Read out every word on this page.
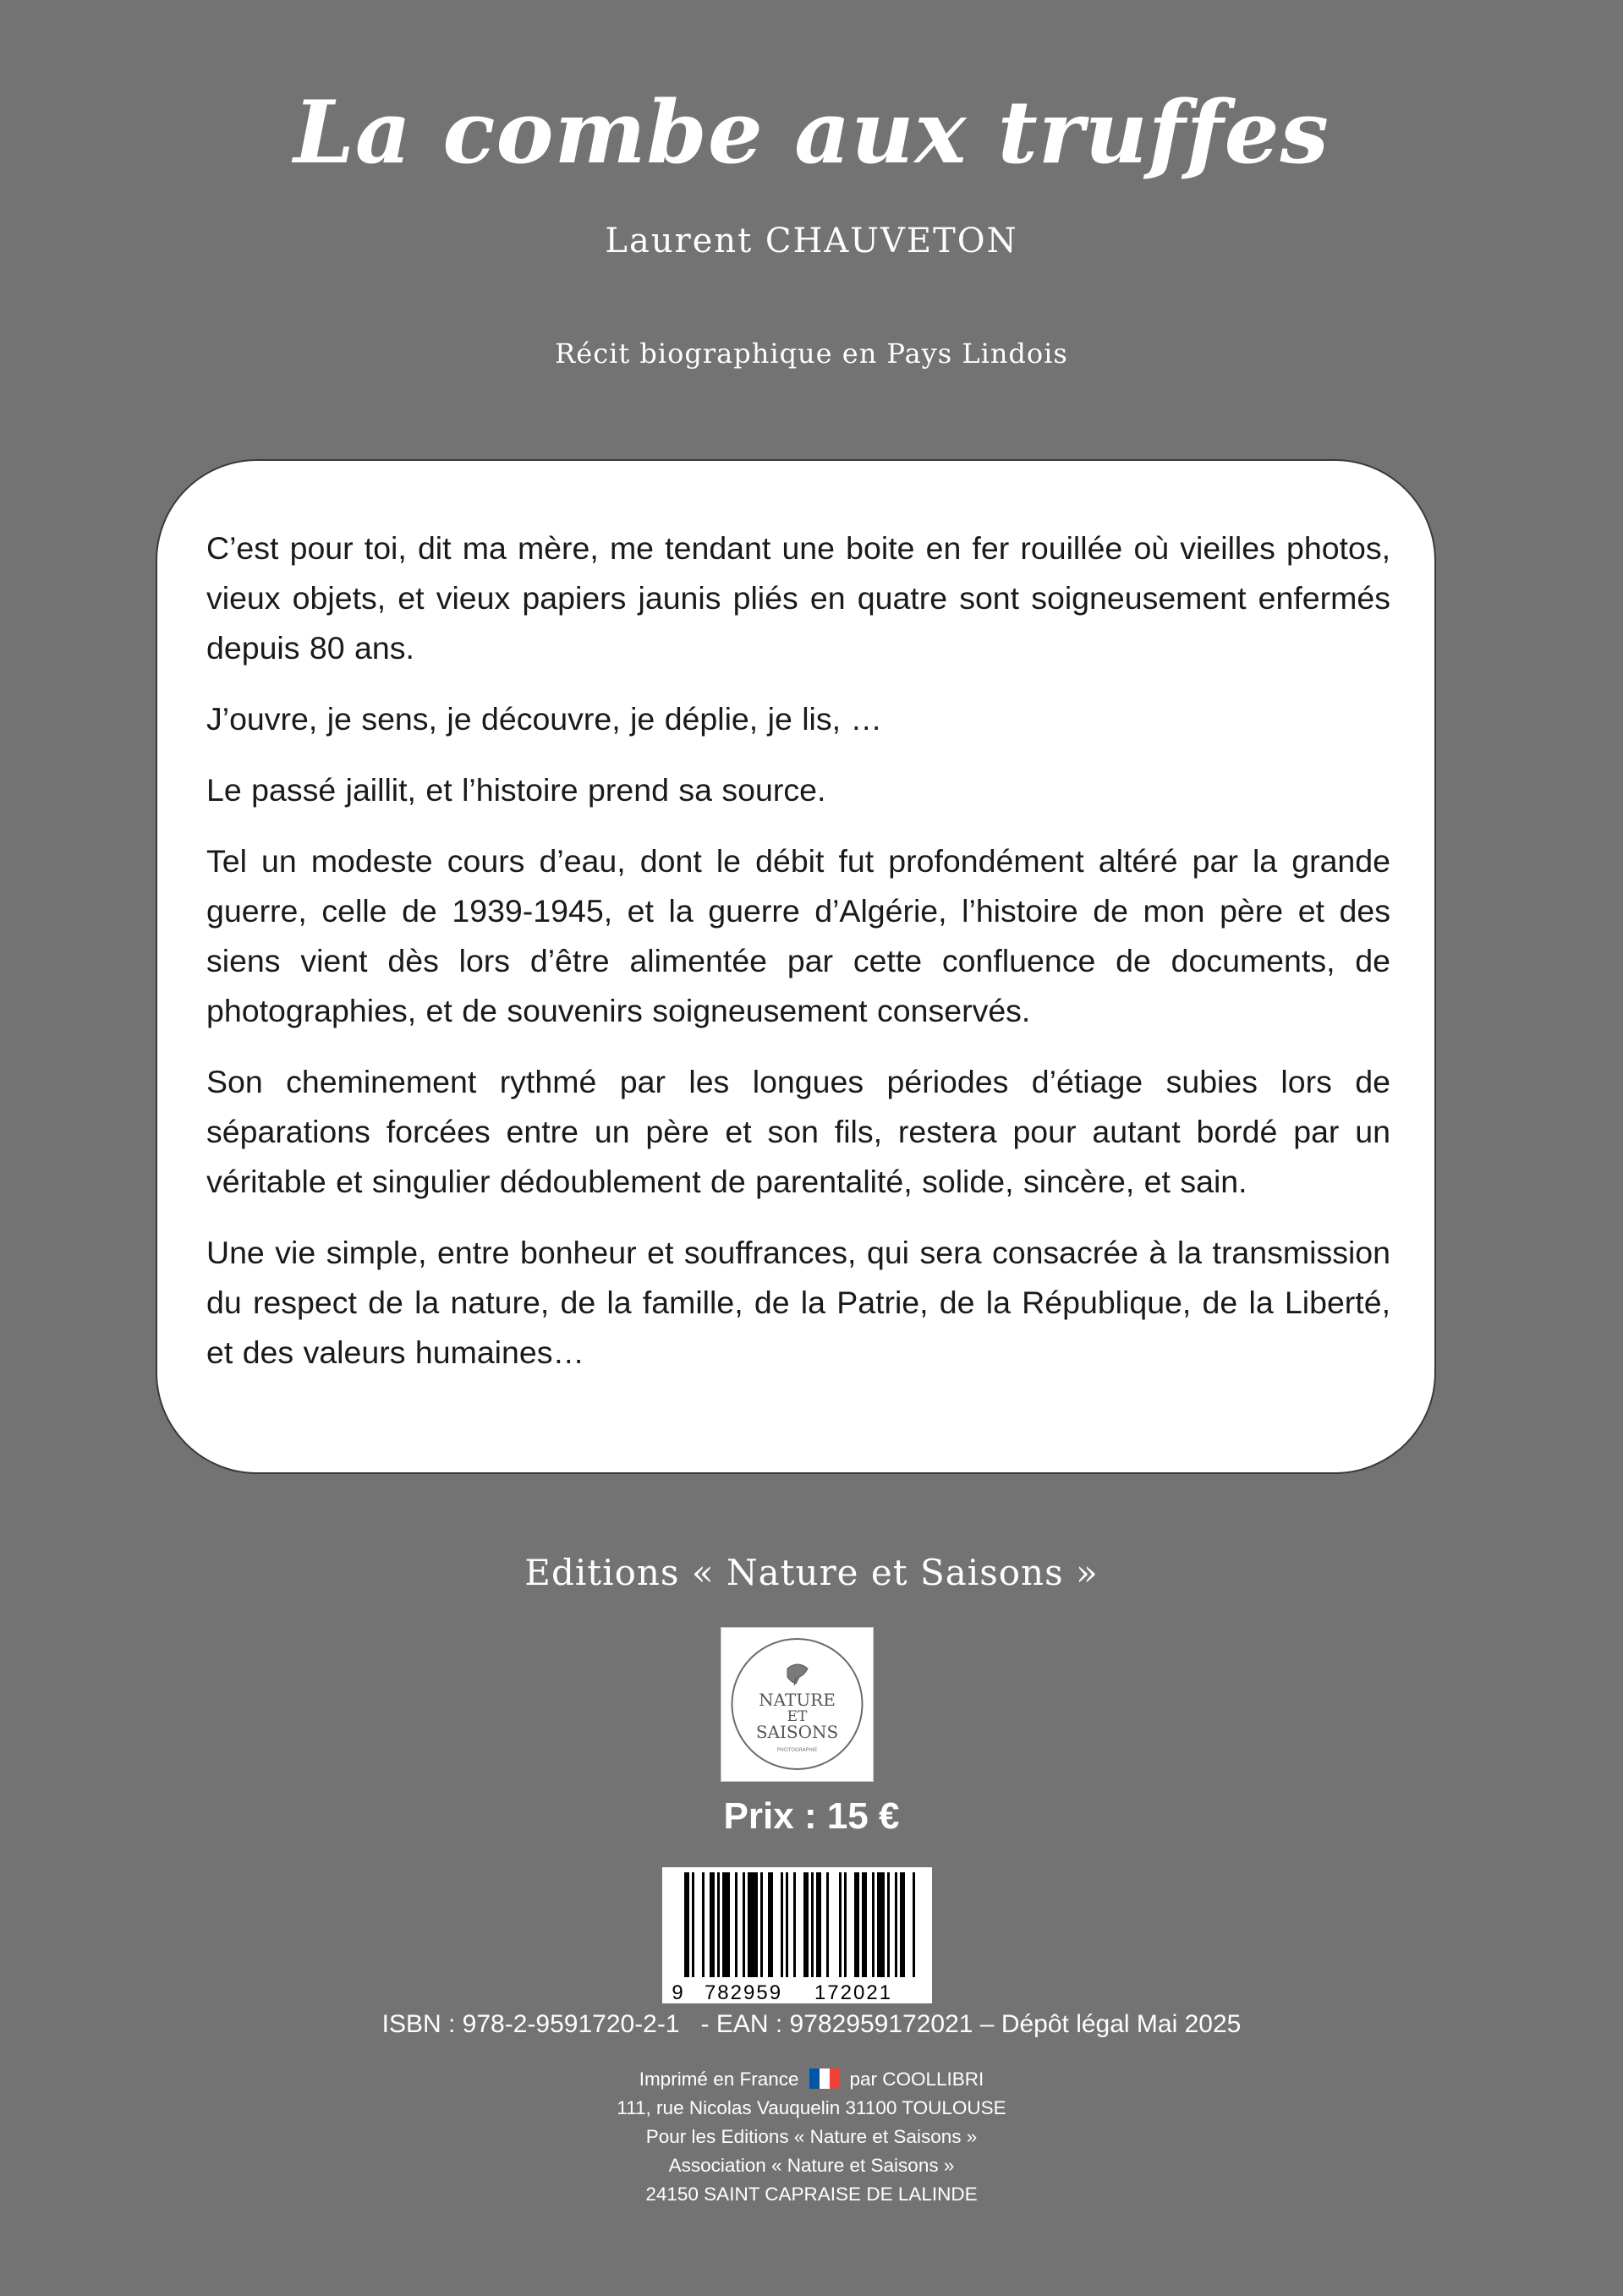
La combe aux truffes
Laurent CHAUVETON
Récit biographique en Pays Lindois

C’est pour toi, dit ma mère, me tendant une boite en fer rouillée où vieilles photos, vieux objets, et vieux papiers jaunis pliés en quatre sont soigneusement enfermés depuis 80 ans.

J’ouvre, je sens, je découvre, je déplie, je lis, …

Le passé jaillit, et l’histoire prend sa source.

Tel un modeste cours d’eau, dont le débit fut profondément altéré par la grande guerre, celle de 1939-1945, et la guerre d’Algérie, l’histoire de mon père et des siens vient dès lors d’être alimentée par cette confluence de documents, de photographies, et de souvenirs soigneusement conservés.

Son cheminement rythmé par les longues périodes d’étiage subies lors de séparations forcées entre un père et son fils, restera pour autant bordé par un véritable et singulier dédoublement de parentalité, solide, sincère, et sain.

Une vie simple, entre bonheur et souffrances, qui sera consacrée à la transmission du respect de la nature, de la famille, de la Patrie, de la République, de la Liberté, et des valeurs humaines…

Editions « Nature et Saisons »
NATURE
ET
SAISONS
PHOTOGRAPHIE
Prix : 15 €
9 782959 172021
ISBN : 978-2-9591720-2-1   - EAN : 9782959172021 – Dépôt légal Mai 2025
Imprimé en France	par COOLLIBRI
111, rue Nicolas Vauquelin 31100 TOULOUSE
Pour les Editions « Nature et Saisons »
Association « Nature et Saisons »
24150 SAINT CAPRAISE DE LALINDE
